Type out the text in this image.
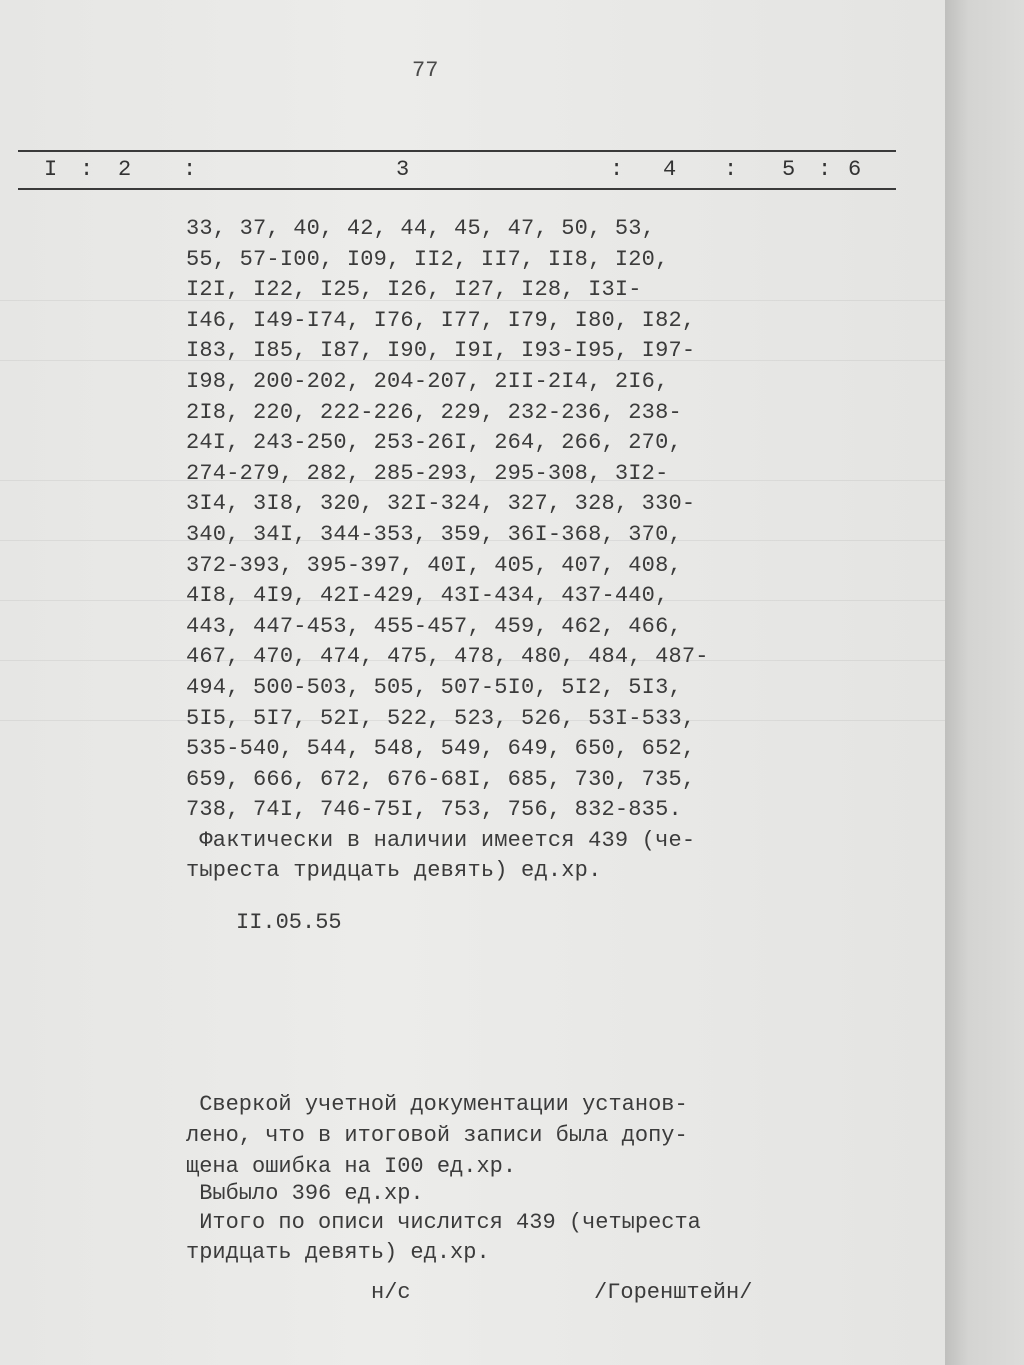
77
I : 2 :	3	: 4 : 5 : 6
33, 37, 40, 42, 44, 45, 47, 50, 53,
55, 57-I00, I09, II2, II7, II8, I20,
I2I, I22, I25, I26, I27, I28, I3I-
I46, I49-I74, I76, I77, I79, I80, I82,
I83, I85, I87, I90, I9I, I93-I95, I97-
I98, 200-202, 204-207, 2II-2I4, 2I6,
2I8, 220, 222-226, 229, 232-236, 238-
24I, 243-250, 253-26I, 264, 266, 270,
274-279, 282, 285-293, 295-308, 3I2-
3I4, 3I8, 320, 32I-324, 327, 328, 330-
340, 34I, 344-353, 359, 36I-368, 370,
372-393, 395-397, 40I, 405, 407, 408,
4I8, 4I9, 42I-429, 43I-434, 437-440,
443, 447-453, 455-457, 459, 462, 466,
467, 470, 474, 475, 478, 480, 484, 487-
494, 500-503, 505, 507-5I0, 5I2, 5I3,
5I5, 5I7, 52I, 522, 523, 526, 53I-533,
535-540, 544, 548, 549, 649, 650, 652,
659, 666, 672, 676-68I, 685, 730, 735,
738, 74I, 746-75I, 753, 756, 832-835.
Фактически в наличии имеется 439 (че-
тыреста тридцать девять) ед.хр.
II.05.55
Сверкой учетной документации установ-
лено, что в итоговой записи была допу-
щена ошибка на I00 ед.хр.
Выбыло 396 ед.хр.
Итого по описи числится 439 (четыреста
тридцать девять) ед.хр.
н/с	/Горенштейн/
